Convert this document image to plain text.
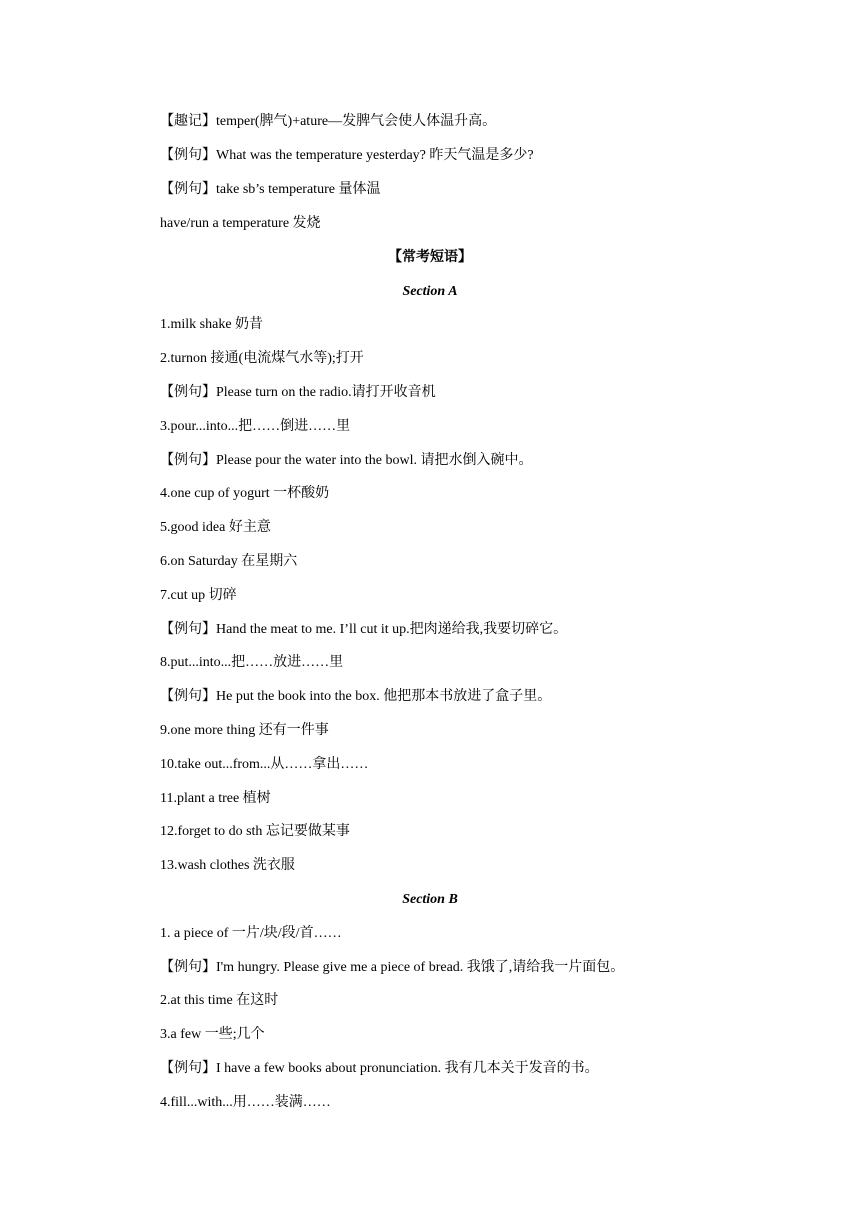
【趣记】temper(脾气)+ature—发脾气会使人体温升高。
【例句】What was the temperature yesterday? 昨天气温是多少?
【例句】take sb’s temperature 量体温
have/run a temperature 发烧
【常考短语】
Section A
1.milk shake 奶昔
2.turnon 接通(电流煤气水等);打开
【例句】Please turn on the radio.请打开收音机
3.pour...into...把……倒进……里
【例句】Please pour the water into the bowl. 请把水倒入碗中。
4.one cup of yogurt 一杯酸奶
5.good idea 好主意
6.on Saturday 在星期六
7.cut up 切碎
【例句】Hand the meat to me. I’ll cut it up.把肉递给我,我要切碎它。
8.put...into...把……放进……里
【例句】He put the book into the box. 他把那本书放进了盒子里。
9.one more thing 还有一件事
10.take out...from...从……拿出……
11.plant a tree 植树
12.forget to do sth 忘记要做某事
13.wash clothes 洗衣服
Section B
1. a piece of 一片/块/段/首……
【例句】I'm hungry. Please give me a piece of bread. 我饿了,请给我一片面包。
2.at this time 在这时
3.a few 一些;几个
【例句】I have a few books about pronunciation. 我有几本关于发音的书。
4.fill...with...用……装满……
